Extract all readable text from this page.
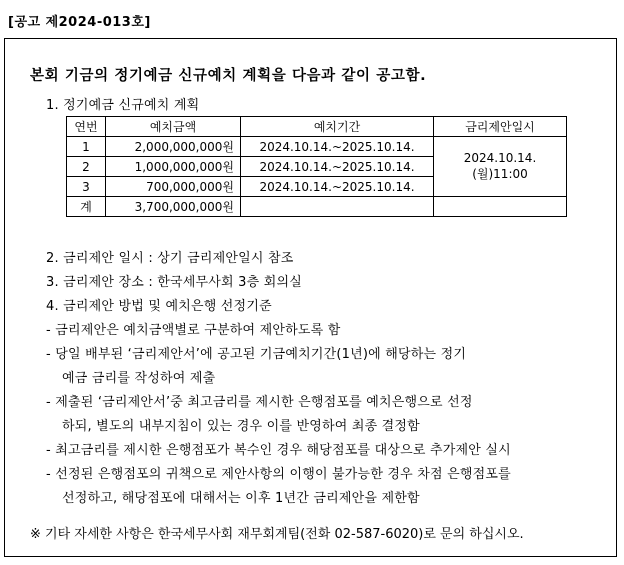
[공고 제2024-013호]
본회 기금의 정기예금 신규예치 계획을 다음과 같이 공고함.
1. 정기예금 신규예치 계획
연번	예치금액	예치기간	금리제안일시
1	2,000,000,000원	2024.10.14.~2025.10.14.	2024.10.14.(월)11:00
2	1,000,000,000원	2024.10.14.~2025.10.14.	
3	700,000,000원	2024.10.14.~2025.10.14.	
계	3,700,000,000원		
2. 금리제안 일시 : 상기 금리제안일시 참조
3. 금리제안 장소 : 한국세무사회 3층 회의실
4. 금리제안 방법 및 예치은행 선정기준
- 금리제안은 예치금액별로 구분하여 제안하도록 함
- 당일 배부된 ‘금리제안서’에 공고된 기금예치기간(1년)에 해당하는 정기
예금 금리를 작성하여 제출
- 제출된 ‘금리제안서’중 최고금리를 제시한 은행점포를 예치은행으로 선정
하되, 별도의 내부지침이 있는 경우 이를 반영하여 최종 결정함
- 최고금리를 제시한 은행점포가 복수인 경우 해당점포를 대상으로 추가제안 실시
- 선정된 은행점포의 귀책으로 제안사항의 이행이 불가능한 경우 차점 은행점포를
선정하고, 해당점포에 대해서는 이후 1년간 금리제안을 제한함
※ 기타 자세한 사항은 한국세무사회 재무회계팀(전화 02-587-6020)로 문의 하십시오.
